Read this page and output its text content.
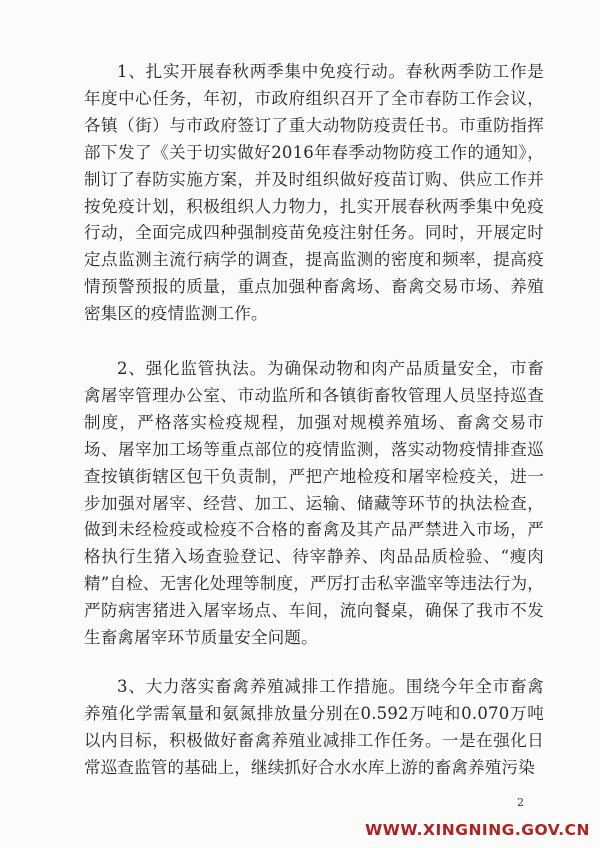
1、扎实开展春秋两季集中免疫行动。春秋两季防工作是年度中心任务，年初，市政府组织召开了全市春防工作会议，各镇（街）与市政府签订了重大动物防疫责任书。市重防指挥部下发了《关于切实做好2016年春季动物防疫工作的通知》，制订了春防实施方案，并及时组织做好疫苗订购、供应工作并按免疫计划，积极组织人力物力，扎实开展春秋两季集中免疫行动，全面完成四种强制疫苗免疫注射任务。同时，开展定时定点监测主流行病学的调查，提高监测的密度和频率，提高疫情预警预报的质量，重点加强种畜禽场、畜禽交易市场、养殖密集区的疫情监测工作。

2、强化监管执法。为确保动物和肉产品质量安全，市畜禽屠宰管理办公室、市动监所和各镇街畜牧管理人员坚持巡查制度，严格落实检疫规程，加强对规模养殖场、畜禽交易市场、屠宰加工场等重点部位的疫情监测，落实动物疫情排查巡查按镇街辖区包干负责制，严把产地检疫和屠宰检疫关，进一步加强对屠宰、经营、加工、运输、储藏等环节的执法检查，做到未经检疫或检疫不合格的畜禽及其产品严禁进入市场，严格执行生猪入场查验登记、待宰静养、肉品品质检验、“瘦肉精”自检、无害化处理等制度，严厉打击私宰滥宰等违法行为，严防病害猪进入屠宰场点、车间，流向餐桌，确保了我市不发生畜禽屠宰环节质量安全问题。

3、大力落实畜禽养殖减排工作措施。围绕今年全市畜禽养殖化学需氧量和氨氮排放量分别在0.592万吨和0.070万吨以内目标，积极做好畜禽养殖业减排工作任务。一是在强化日常巡查监管的基础上，继续抓好合水水库上游的畜禽养殖污染

2
WWW.XINGNING.GOV.CN
